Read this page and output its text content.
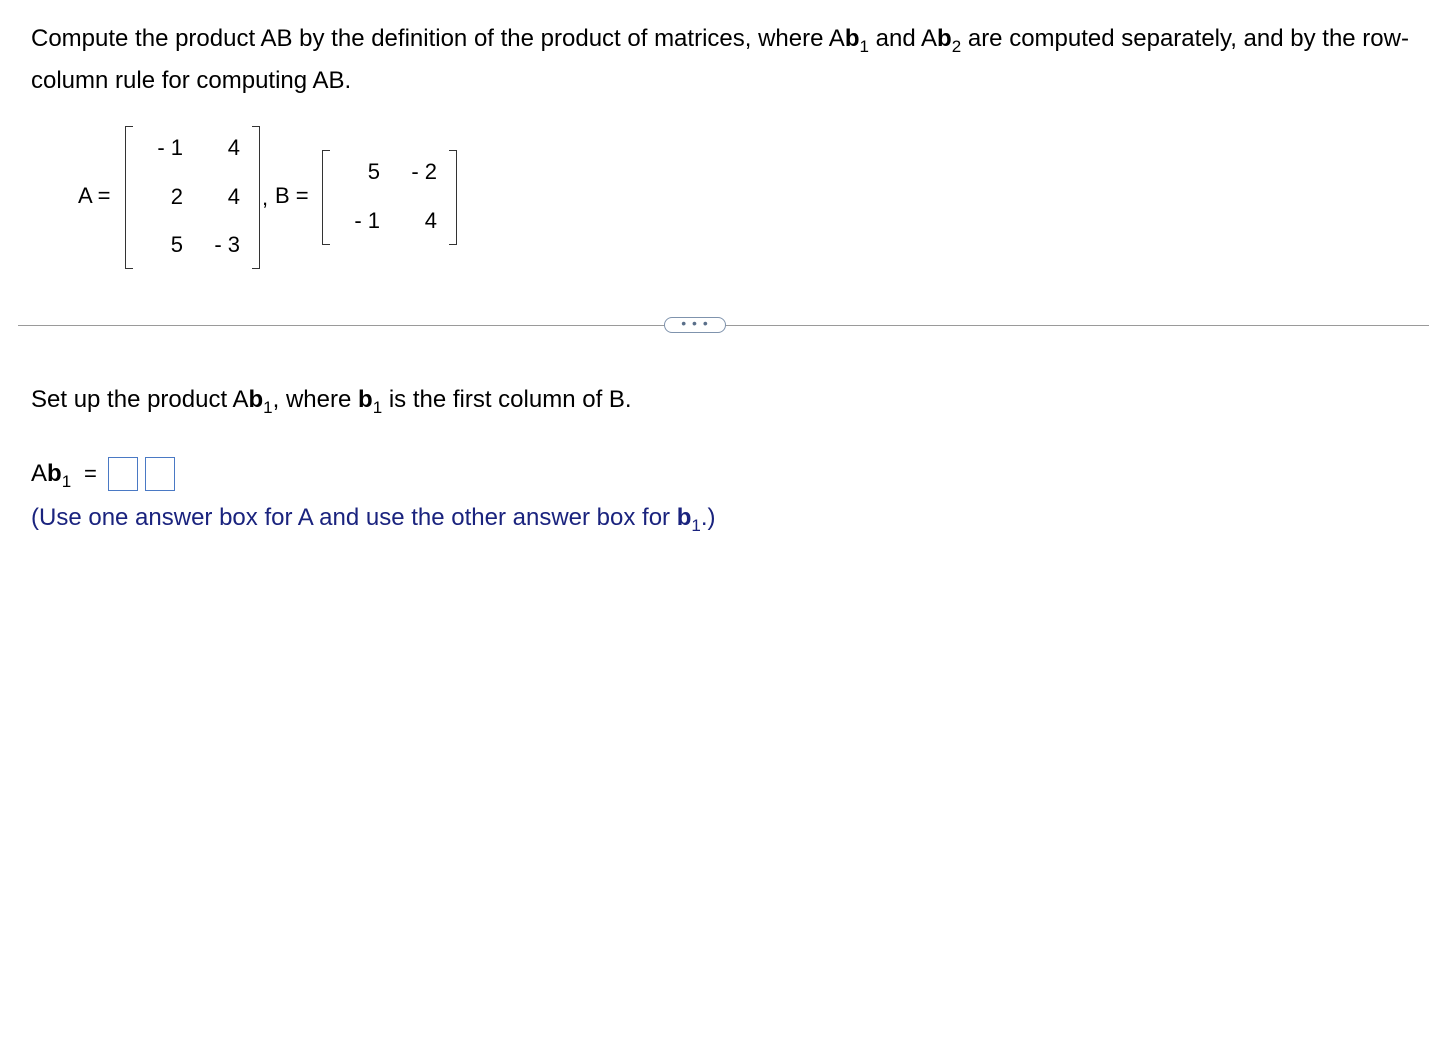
Compute the product AB by the definition of the product of matrices, where $Ab_1$ and $Ab_2$ are computed separately, and by the row-column rule for computing AB.
A =
- 1	4
2	4
5	- 3
, B =
5	- 2
- 1	4
• • •
Set up the product $Ab_1$, where $b_1$ is the first column of B.
$Ab_1$ =
(Use one answer box for A and use the other answer box for $b_1$.)
